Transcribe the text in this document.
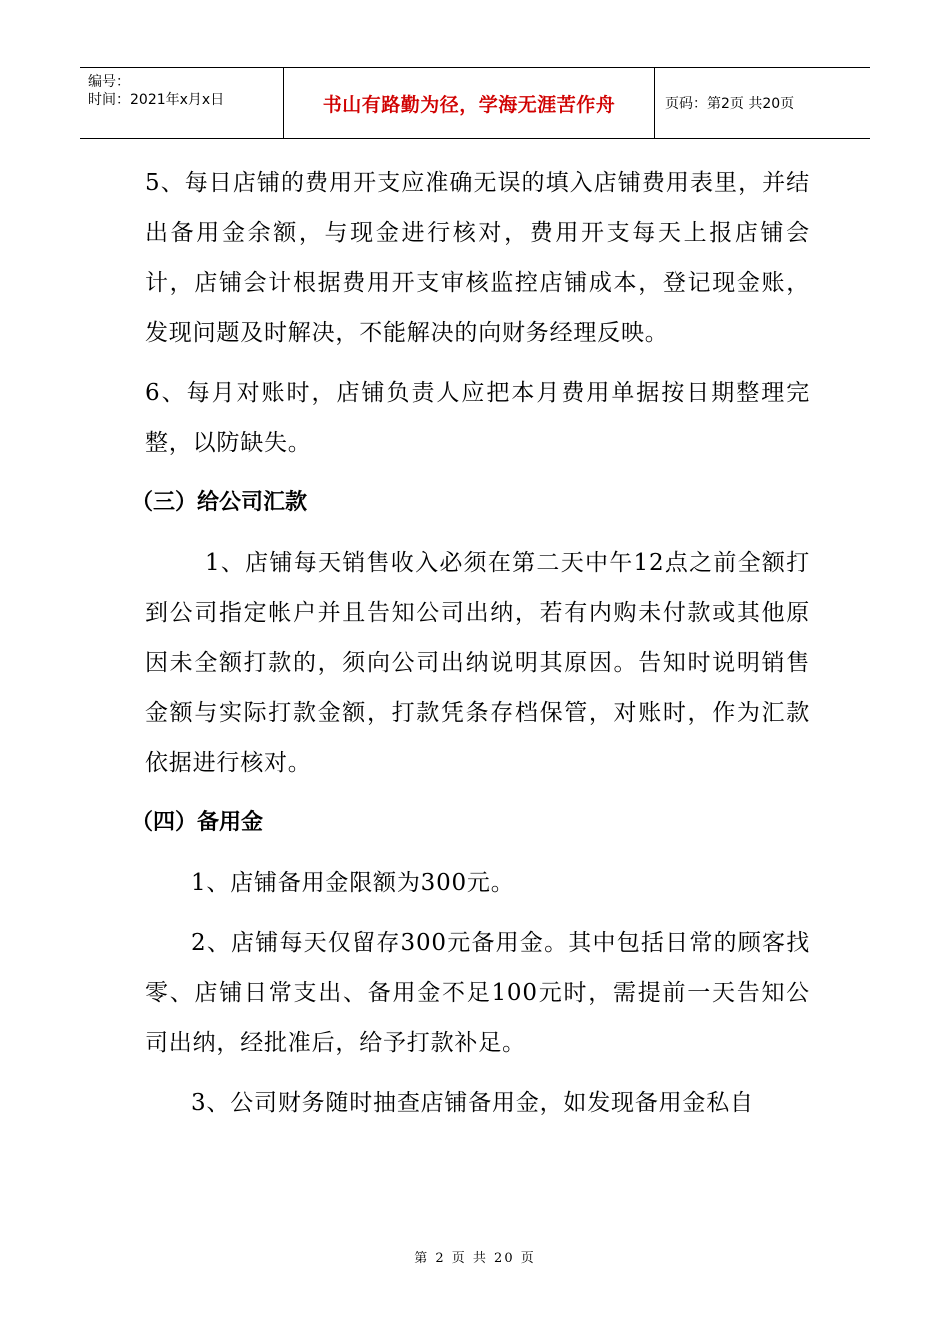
编号：
时间：2021年x月x日	书山有路勤为径，学海无涯苦作舟	页码：第2页 共20页

5、每日店铺的费用开支应准确无误的填入店铺费用表里，并结出备用金余额，与现金进行核对，费用开支每天上报店铺会计，店铺会计根据费用开支审核监控店铺成本，登记现金账，发现问题及时解决，不能解决的向财务经理反映。

6、每月对账时，店铺负责人应把本月费用单据按日期整理完整，以防缺失。

（三）给公司汇款

1、店铺每天销售收入必须在第二天中午12点之前全额打到公司指定帐户并且告知公司出纳，若有内购未付款或其他原因未全额打款的，须向公司出纳说明其原因。告知时说明销售金额与实际打款金额，打款凭条存档保管，对账时，作为汇款依据进行核对。

（四）备用金

1、店铺备用金限额为300元。

2、店铺每天仅留存300元备用金。其中包括日常的顾客找零、店铺日常支出、备用金不足100元时，需提前一天告知公司出纳，经批准后，给予打款补足。

3、公司财务随时抽查店铺备用金，如发现备用金私自

第 2 页 共 20 页
